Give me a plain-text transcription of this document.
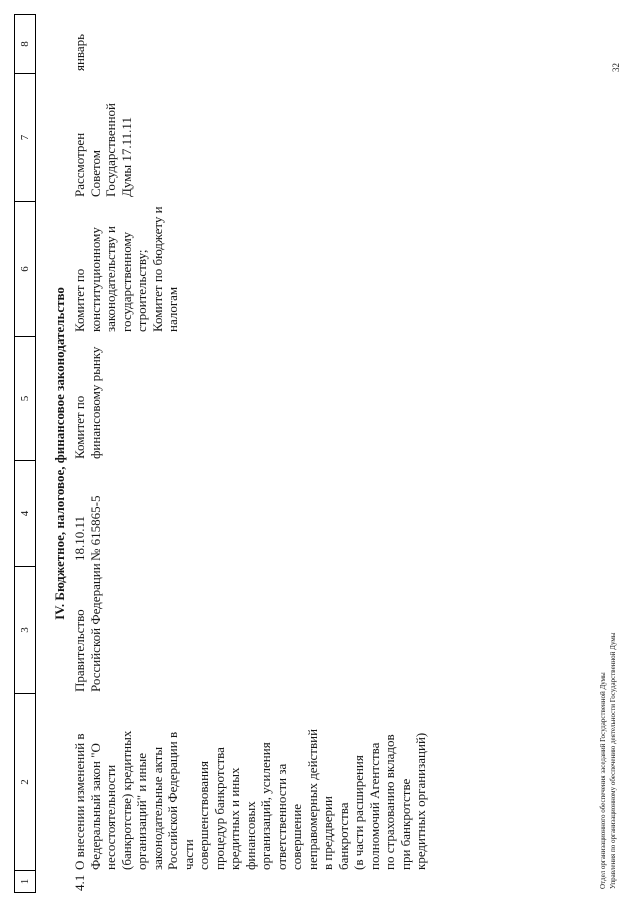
1
2
3
4
5
6
7
8
IV. Бюджетное, налоговое, финансовое законодательство
4.1
О внесении изменений в
Федеральный закон "О
несостоятельности
(банкротстве) кредитных
организаций" и иные
законодательные акты
Российской Федерации в
части
совершенствования
процедур банкротства
кредитных и иных
финансовых
организаций, усиления
ответственности за
совершение
неправомерных действий
в преддверии
банкротства
(в части расширения
полномочий Агентства
по страхованию вкладов
при банкротстве
кредитных организаций)
Правительство
Российской Федерации
18.10.11
№ 615865-5
Комитет по
финансовому рынку
Комитет по
конституционному
законодательству и
государственному
строительству;
Комитет по бюджету и
налогам
Рассмотрен
Советом
Государственной
Думы 17.11.11
январь
Отдел организационного обеспечения заседаний Государственной Думы Управления по организационному обеспечению деятельности Государственной Думы
32
